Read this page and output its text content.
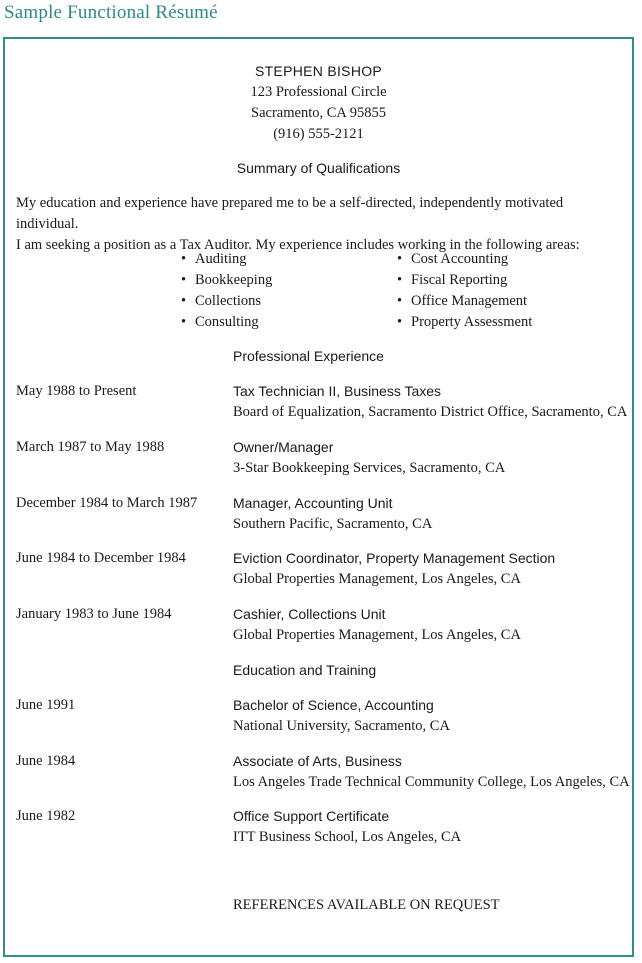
Sample Functional Résumé
STEPHEN BISHOP
123 Professional Circle
Sacramento, CA 95855
(916) 555-2121
Summary of Qualifications
My education and experience have prepared me to be a self-directed, independently motivated individual.
I am seeking a position as a Tax Auditor. My experience includes working in the following areas:
• Auditing
• Bookkeeping
• Collections
• Consulting
• Cost Accounting
• Fiscal Reporting
• Office Management
• Property Assessment
Professional Experience
May 1988 to Present	Tax Technician II, Business Taxes
Board of Equalization, Sacramento District Office, Sacramento, CA
March 1987 to May 1988	Owner/Manager
3-Star Bookkeeping Services, Sacramento, CA
December 1984 to March 1987	Manager, Accounting Unit
Southern Pacific, Sacramento, CA
June 1984 to December 1984	Eviction Coordinator, Property Management Section
Global Properties Management, Los Angeles, CA
January 1983 to June 1984	Cashier, Collections Unit
Global Properties Management, Los Angeles, CA
Education and Training
June 1991	Bachelor of Science, Accounting
National University, Sacramento, CA
June 1984	Associate of Arts, Business
Los Angeles Trade Technical Community College, Los Angeles, CA
June 1982	Office Support Certificate
ITT Business School, Los Angeles, CA
REFERENCES AVAILABLE ON REQUEST
